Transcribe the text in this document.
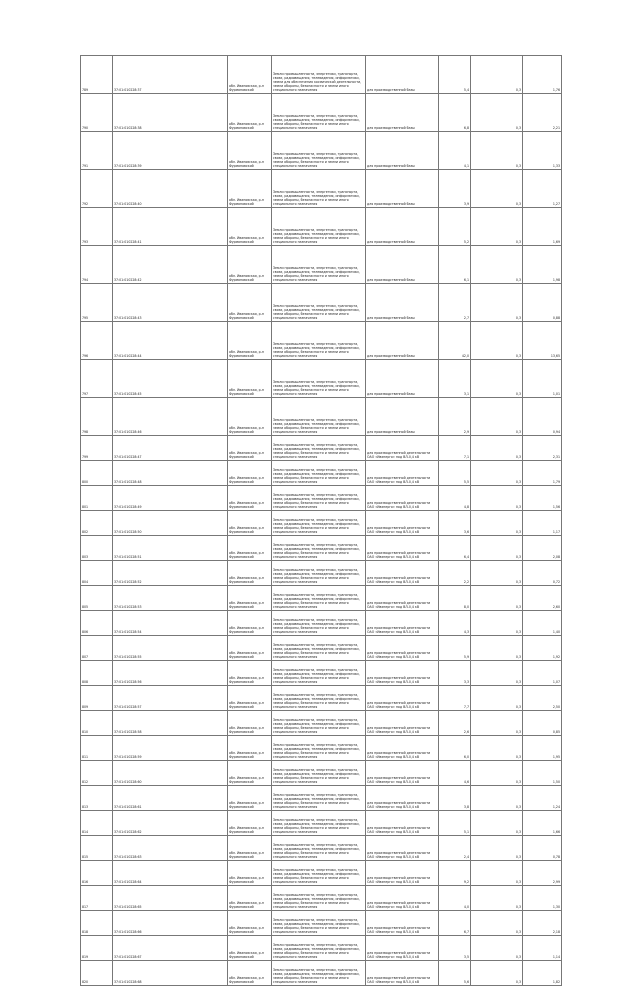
789	37:01:010228:37	обл. Ивановская, р-н Фурмановский	Земли промышленности, энергетики, транспорта, связи, радиовещания, телевидения, информатики, земли для обеспечения космической деятельности, земли обороны, безопасности и земли иного специального назначения	для производственной базы	5,4	0,3	1,76
790	37:01:010228:38	обл. Ивановская, р-н Фурмановский	Земли промышленности, энергетики, транспорта, связи, радиовещания, телевидения, информатики, земли обороны, безопасности и земли иного специального назначения	для производственной базы	6,8	0,3	2,21
791	37:01:010228:39	обл. Ивановская, р-н Фурмановский	Земли промышленности, энергетики, транспорта, связи, радиовещания, телевидения, информатики, земли обороны, безопасности и земли иного специального назначения	для производственной базы	4,1	0,3	1,33
792	37:01:010228:40	обл. Ивановская, р-н Фурмановский	Земли промышленности, энергетики, транспорта, связи, радиовещания, телевидения, информатики, земли обороны, безопасности и земли иного специального назначения	для производственной базы	3,9	0,3	1,27
793	37:01:010228:41	обл. Ивановская, р-н Фурмановский	Земли промышленности, энергетики, транспорта, связи, радиовещания, телевидения, информатики, земли обороны, безопасности и земли иного специального назначения	для производственной базы	5,2	0,3	1,69
794	37:01:010228:42	обл. Ивановская, р-н Фурмановский	Земли промышленности, энергетики, транспорта, связи, радиовещания, телевидения, информатики, земли обороны, безопасности и земли иного специального назначения	для производственной базы	6,1	0,3	1,98
795	37:01:010228:43	обл. Ивановская, р-н Фурмановский	Земли промышленности, энергетики, транспорта, связи, радиовещания, телевидения, информатики, земли обороны, безопасности и земли иного специального назначения	для производственной базы	2,7	0,3	0,88
796	37:01:010228:44	обл. Ивановская, р-н Фурмановский	Земли промышленности, энергетики, транспорта, связи, радиовещания, телевидения, информатики, земли обороны, безопасности и земли иного специального назначения	для производственной базы	42,0	0,3	13,65
797	37:01:010228:45	обл. Ивановская, р-н Фурмановский	Земли промышленности, энергетики, транспорта, связи, радиовещания, телевидения, информатики, земли обороны, безопасности и земли иного специального назначения	для производственной базы	3,1	0,3	1,01
798	37:01:010228:46	обл. Ивановская, р-н Фурмановский	Земли промышленности, энергетики, транспорта, связи, радиовещания, телевидения, информатики, земли обороны, безопасности и земли иного специального назначения	для производственной базы	2,9	0,3	0,94
799	37:01:010228:47	обл. Ивановская, р-н Фурмановский	Земли промышленности, энергетики, транспорта, связи, радиовещания, телевидения, информатики, земли обороны, безопасности и земли иного специального назначения	для производственной деятельности ОАО «Ивэнерго» под ВЛ-0,4 кВ	7,1	0,3	2,31
800	37:01:010228:48	обл. Ивановская, р-н Фурмановский	Земли промышленности, энергетики, транспорта, связи, радиовещания, телевидения, информатики, земли обороны, безопасности и земли иного специального назначения	для производственной деятельности ОАО «Ивэнерго» под ВЛ-0,4 кВ	5,5	0,3	1,79
801	37:01:010228:49	обл. Ивановская, р-н Фурмановский	Земли промышленности, энергетики, транспорта, связи, радиовещания, телевидения, информатики, земли обороны, безопасности и земли иного специального назначения	для производственной деятельности ОАО «Ивэнерго» под ВЛ-0,4 кВ	4,8	0,3	1,56
802	37:01:010228:50	обл. Ивановская, р-н Фурмановский	Земли промышленности, энергетики, транспорта, связи, радиовещания, телевидения, информатики, земли обороны, безопасности и земли иного специального назначения	для производственной деятельности ОАО «Ивэнерго» под ВЛ-0,4 кВ	3,6	0,3	1,17
803	37:01:010228:51	обл. Ивановская, р-н Фурмановский	Земли промышленности, энергетики, транспорта, связи, радиовещания, телевидения, информатики, земли обороны, безопасности и земли иного специального назначения	для производственной деятельности ОАО «Ивэнерго» под ВЛ-0,4 кВ	6,4	0,3	2,08
804	37:01:010228:52	обл. Ивановская, р-н Фурмановский	Земли промышленности, энергетики, транспорта, связи, радиовещания, телевидения, информатики, земли обороны, безопасности и земли иного специального назначения	для производственной деятельности ОАО «Ивэнерго» под ВЛ-0,4 кВ	2,2	0,3	0,72
805	37:01:010228:53	обл. Ивановская, р-н Фурмановский	Земли промышленности, энергетики, транспорта, связи, радиовещания, телевидения, информатики, земли обороны, безопасности и земли иного специального назначения	для производственной деятельности ОАО «Ивэнерго» под ВЛ-0,4 кВ	8,0	0,3	2,60
806	37:01:010228:54	обл. Ивановская, р-н Фурмановский	Земли промышленности, энергетики, транспорта, связи, радиовещания, телевидения, информатики, земли обороны, безопасности и земли иного специального назначения	для производственной деятельности ОАО «Ивэнерго» под ВЛ-0,4 кВ	4,3	0,3	1,40
807	37:01:010228:55	обл. Ивановская, р-н Фурмановский	Земли промышленности, энергетики, транспорта, связи, радиовещания, телевидения, информатики, земли обороны, безопасности и земли иного специального назначения	для производственной деятельности ОАО «Ивэнерго» под ВЛ-0,4 кВ	5,9	0,3	1,92
808	37:01:010228:56	обл. Ивановская, р-н Фурмановский	Земли промышленности, энергетики, транспорта, связи, радиовещания, телевидения, информатики, земли обороны, безопасности и земли иного специального назначения	для производственной деятельности ОАО «Ивэнерго» под ВЛ-0,4 кВ	3,3	0,3	1,07
809	37:01:010228:57	обл. Ивановская, р-н Фурмановский	Земли промышленности, энергетики, транспорта, связи, радиовещания, телевидения, информатики, земли обороны, безопасности и земли иного специального назначения	для производственной деятельности ОАО «Ивэнерго» под ВЛ-0,4 кВ	7,7	0,3	2,50
810	37:01:010228:58	обл. Ивановская, р-н Фурмановский	Земли промышленности, энергетики, транспорта, связи, радиовещания, телевидения, информатики, земли обороны, безопасности и земли иного специального назначения	для производственной деятельности ОАО «Ивэнерго» под ВЛ-0,4 кВ	2,6	0,3	0,85
811	37:01:010228:59	обл. Ивановская, р-н Фурмановский	Земли промышленности, энергетики, транспорта, связи, радиовещания, телевидения, информатики, земли обороны, безопасности и земли иного специального назначения	для производственной деятельности ОАО «Ивэнерго» под ВЛ-0,4 кВ	6,0	0,3	1,95
812	37:01:010228:60	обл. Ивановская, р-н Фурмановский	Земли промышленности, энергетики, транспорта, связи, радиовещания, телевидения, информатики, земли обороны, безопасности и земли иного специального назначения	для производственной деятельности ОАО «Ивэнерго» под ВЛ-0,4 кВ	4,6	0,3	1,50
813	37:01:010228:61	обл. Ивановская, р-н Фурмановский	Земли промышленности, энергетики, транспорта, связи, радиовещания, телевидения, информатики, земли обороны, безопасности и земли иного специального назначения	для производственной деятельности ОАО «Ивэнерго» под ВЛ-0,4 кВ	3,8	0,3	1,24
814	37:01:010228:62	обл. Ивановская, р-н Фурмановский	Земли промышленности, энергетики, транспорта, связи, радиовещания, телевидения, информатики, земли обороны, безопасности и земли иного специального назначения	для производственной деятельности ОАО «Ивэнерго» под ВЛ-0,4 кВ	5,1	0,3	1,66
815	37:01:010228:63	обл. Ивановская, р-н Фурмановский	Земли промышленности, энергетики, транспорта, связи, радиовещания, телевидения, информатики, земли обороны, безопасности и земли иного специального назначения	для производственной деятельности ОАО «Ивэнерго» под ВЛ-0,4 кВ	2,4	0,3	0,78
816	37:01:010228:64	обл. Ивановская, р-н Фурмановский	Земли промышленности, энергетики, транспорта, связи, радиовещания, телевидения, информатики, земли обороны, безопасности и земли иного специального назначения	для производственной деятельности ОАО «Ивэнерго» под ВЛ-0,4 кВ	9,2	0,3	2,99
817	37:01:010228:65	обл. Ивановская, р-н Фурмановский	Земли промышленности, энергетики, транспорта, связи, радиовещания, телевидения, информатики, земли обороны, безопасности и земли иного специального назначения	для производственной деятельности ОАО «Ивэнерго» под ВЛ-0,4 кВ	4,0	0,3	1,30
818	37:01:010228:66	обл. Ивановская, р-н Фурмановский	Земли промышленности, энергетики, транспорта, связи, радиовещания, телевидения, информатики, земли обороны, безопасности и земли иного специального назначения	для производственной деятельности ОАО «Ивэнерго» под ВЛ-0,4 кВ	6,7	0,3	2,18
819	37:01:010228:67	обл. Ивановская, р-н Фурмановский	Земли промышленности, энергетики, транспорта, связи, радиовещания, телевидения, информатики, земли обороны, безопасности и земли иного специального назначения	для производственной деятельности ОАО «Ивэнерго» под ВЛ-0,4 кВ	3,5	0,3	1,14
820	37:01:010228:68	обл. Ивановская, р-н Фурмановский	Земли промышленности, энергетики, транспорта, связи, радиовещания, телевидения, информатики, земли обороны, безопасности и земли иного специального назначения	для производственной деятельности ОАО «Ивэнерго» под ВЛ-0,4 кВ	5,6	0,3	1,82
